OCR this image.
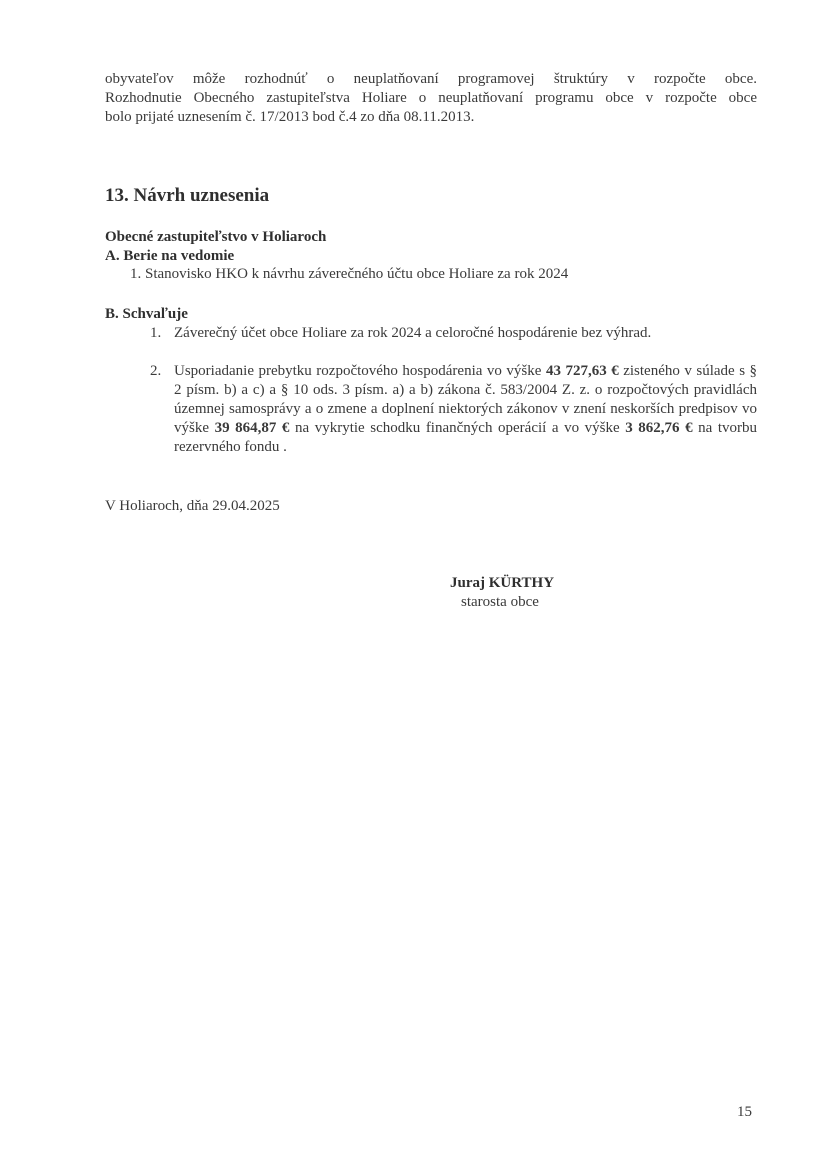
obyvateľov môže rozhodnúť o neuplatňovaní programovej štruktúry v rozpočte obce.
Rozhodnutie Obecného zastupiteľstva Holiare o neuplatňovaní programu obce v rozpočte obce
bolo prijaté uznesením č. 17/2013 bod č.4 zo dňa 08.11.2013.
13. Návrh uznesenia
Obecné zastupiteľstvo v Holiaroch
A. Berie na vedomie
1. Stanovisko HKO k návrhu záverečného účtu obce Holiare za rok 2024
B. Schvaľuje
1. Záverečný účet obce Holiare za rok 2024 a celoročné hospodárenie bez výhrad.
2. Usporiadanie prebytku rozpočtového hospodárenia vo výške 43 727,63 € zisteného v súlade s § 2 písm. b) a c) a § 10 ods. 3 písm. a) a b) zákona č. 583/2004 Z. z. o rozpočtových pravidlách územnej samosprávy a o zmene a doplnení niektorých zákonov v znení neskorších predpisov vo výške 39 864,87 € na vykrytie schodku finančných operácií a vo výške 3 862,76 € na tvorbu rezervného fondu .
V Holiaroch, dňa 29.04.2025
Juraj KÜRTHY
starosta obce
15
